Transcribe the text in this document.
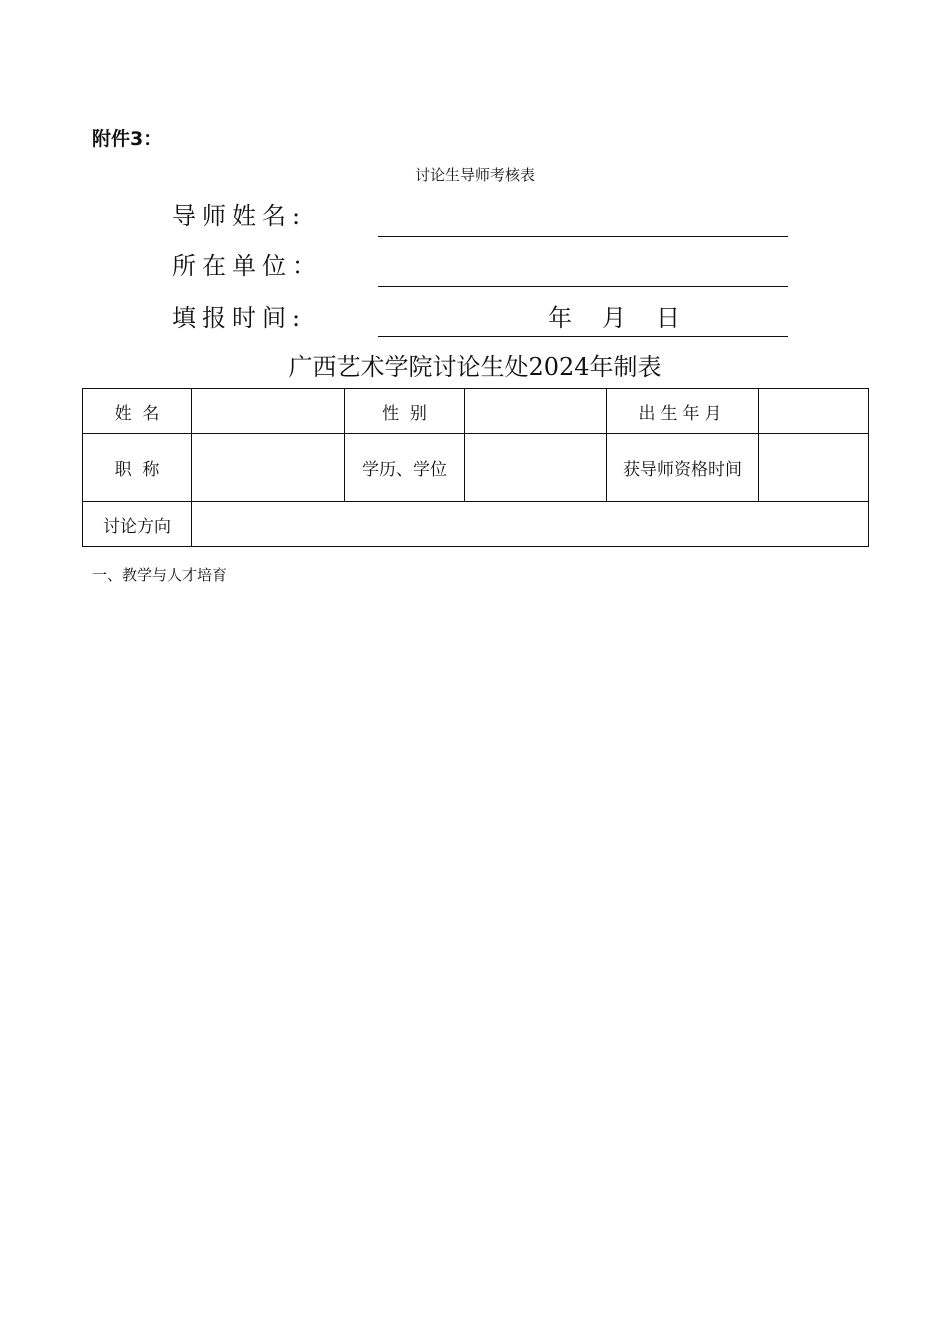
附件3：
讨论生导师考核表
导师姓名:
所在单位：
填报时间:	年 月 日
广西艺术学院讨论生处2024年制表
姓  名		性  别		出生年月	
职  称		学历、学位		获导师资格时间	
讨论方向					
一、教学与人才培育
